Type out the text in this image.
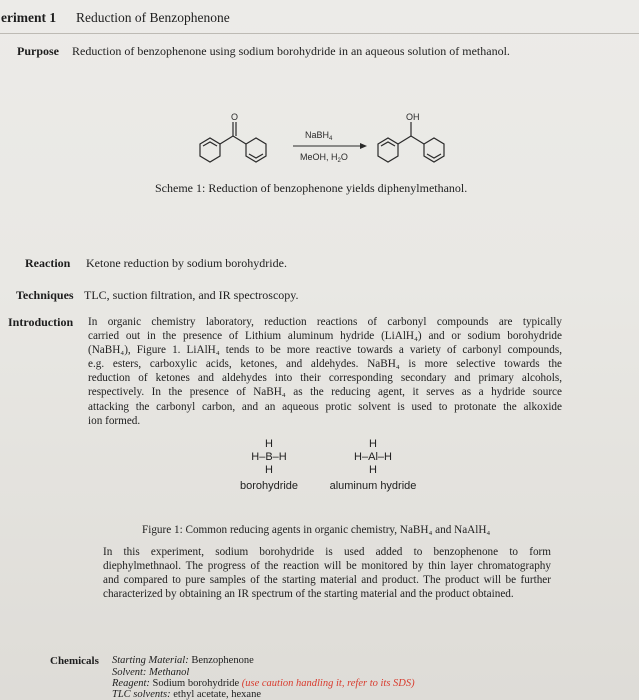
eriment 1 Reduction of Benzophenone
Purpose Reduction of benzophenone using sodium borohydride in an aqueous solution of methanol.
O
NaBH$_4$
MeOH, $H_2O$
OH
Scheme 1: Reduction of benzophenone yields diphenylmethanol.
Reaction Ketone reduction by sodium borohydride.
Techniques TLC, suction filtration, and IR spectroscopy.
Introduction In organic chemistry laboratory, reduction reactions of carbonyl compounds are typically
carried out in the presence of Lithium aluminum hydride (LiAlH₄) and or sodium borohydride
(NaBH₄), Figure 1. LiAlH₄ tends to be more reactive towards a variety of carbonyl compounds,
e.g. esters, carboxylic acids, ketones, and aldehydes. NaBH₄ is more selective towards the
reduction of ketones and aldehydes into their corresponding secondary and primary alcohols,
respectively. In the presence of NaBH₄ as the reducing agent, it serves as a hydride source
attacking the carbonyl carbon, and an aqueous protic solvent is used to protonate the alkoxide
ion formed.
H
H–B–H
H
borohydride
H
H–Al–H
H
aluminum hydride
Figure 1: Common reducing agents in organic chemistry, NaBH₄ and NaAlH₄
In this experiment, sodium borohydride is used added to benzophenone to form
diephylmethnaol. The progress of the reaction will be monitored by thin layer chromatography
and compared to pure samples of the starting material and product. The product will be further
characterized by obtaining an IR spectrum of the starting material and the product obtained.
Chemicals Starting Material: Benzophenone
Solvent: Methanol
Reagent: Sodium borohydride (use caution handling it, refer to its SDS)
TLC solvents: ethyl acetate, hexane
